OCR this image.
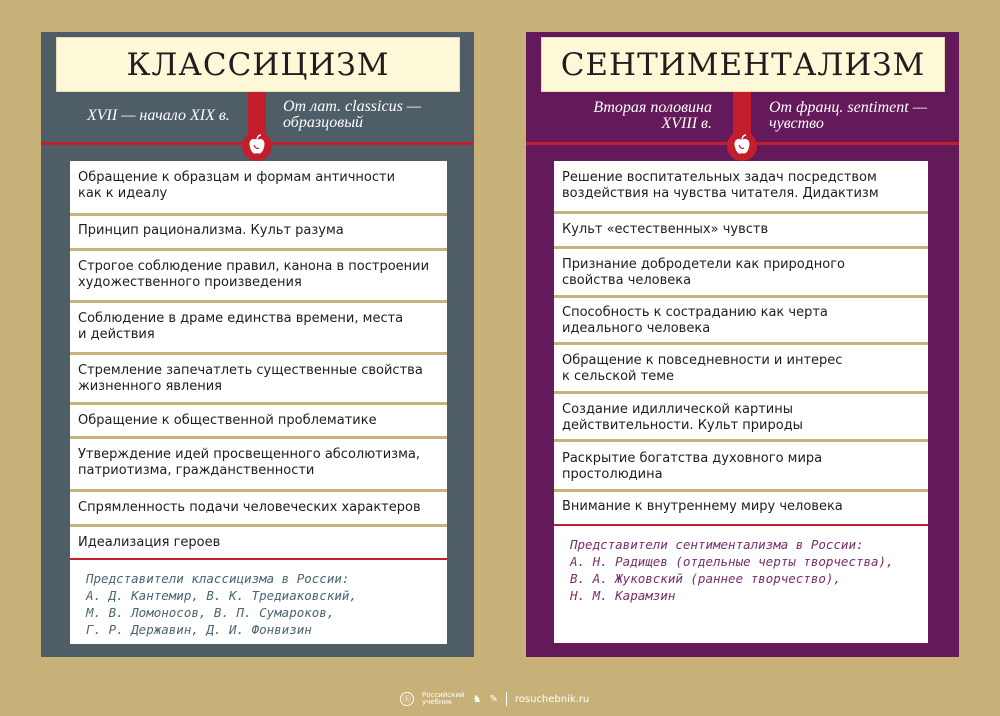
КЛАССИЦИЗМ
XVII — начало XIX в.
От лат. classicus —
образцовый
Обращение к образцам и формам античности
как к идеалу
Принцип рационализма. Культ разума
Строгое соблюдение правил, канона в построении
художественного произведения
Соблюдение в драме единства времени, места
и действия
Стремление запечатлеть существенные свойства
жизненного явления
Обращение к общественной проблематике
Утверждение идей просвещенного абсолютизма,
патриотизма, гражданственности
Спрямленность подачи человеческих характеров
Идеализация героев
Представители классицизма в России:
А. Д. Кантемир, В. К. Тредиаковский,
М. В. Ломоносов, В. П. Сумароков,
Г. Р. Державин, Д. И. Фонвизин
СЕНТИМЕНТАЛИЗМ
Вторая половина
XVIII в.
От франц. sentiment —
чувство
Решение воспитательных задач посредством
воздействия на чувства читателя. Дидактизм
Культ «естественных» чувств
Признание добродетели как природного
свойства человека
Способность к состраданию как черта
идеального человека
Обращение к повседневности и интерес
к сельской теме
Создание идиллической картины
действительности. Культ природы
Раскрытие богатства духовного мира
простолюдина
Внимание к внутреннему миру человека
Представители сентиментализма в России:
А. Н. Радищев (отдельные черты творчества),
В. А. Жуковский (раннее творчество),
Н. М. Карамзин
Ⓡ	Российский
учебник	♞ ✎ rosuchebnik.ru
